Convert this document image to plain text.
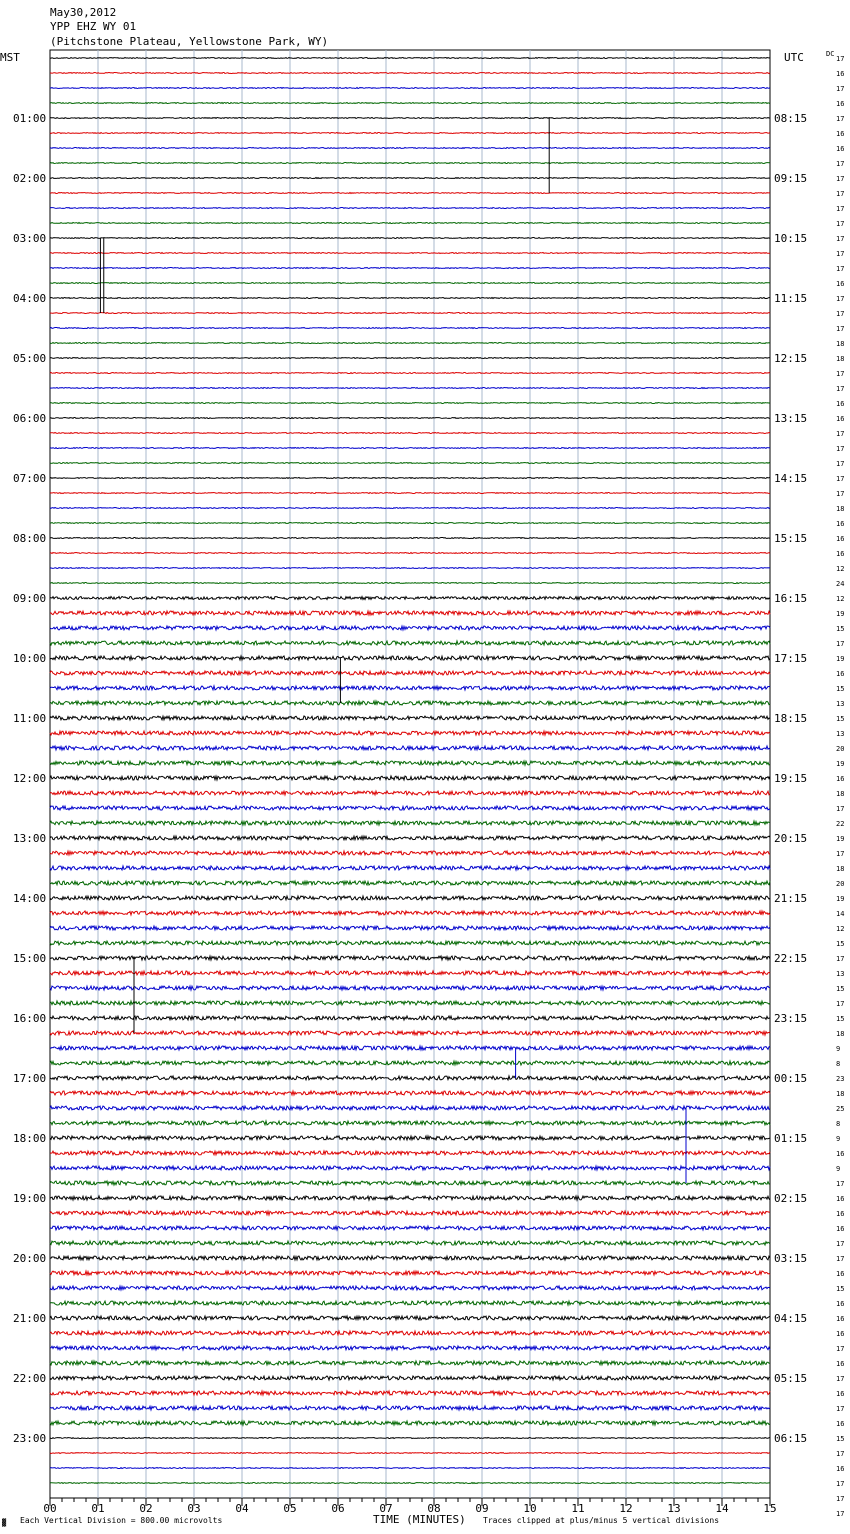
May30,2012
YPP EHZ WY 01
(Pitchstone Plateau, Yellowstone Park, WY)
MST	UTC	DC
01:00
02:00
03:00
04:00
05:00
06:00
07:00
08:00
09:00
10:00
11:00
12:00
13:00
14:00
15:00
16:00
17:00
18:00
19:00
20:00
21:00
22:00
23:00
08:15
09:15
10:15
11:15
12:15
13:15
14:15
15:15
16:15
17:15
18:15
19:15
20:15
21:15
22:15
23:15
00:15
01:15
02:15
03:15
04:15
05:15
06:15
17
16
17
16
17
16
16
17
17
17
17
17
17
17
17
16
17
17
17
18
18
17
17
16
16
17
17
17
17
17
18
16
16
16
12
24
12
19
15
17
19
16
15
13
15
13
20
19
16
18
17
22
19
17
18
20
19
14
12
15
17
13
15
17
15
18
9
8
23
18
25
8
9
16
9
17
16
16
16
17
17
16
15
16
16
16
17
16
17
16
17
16
15
17
16
17
17
17
00	01	02	03	04	05	06	07	08	09	10	11	12	13	14	15
▓ Each Vertical Division = 800.00 microvolts	TIME (MINUTES) Traces clipped at plus/minus 5 vertical divisions
